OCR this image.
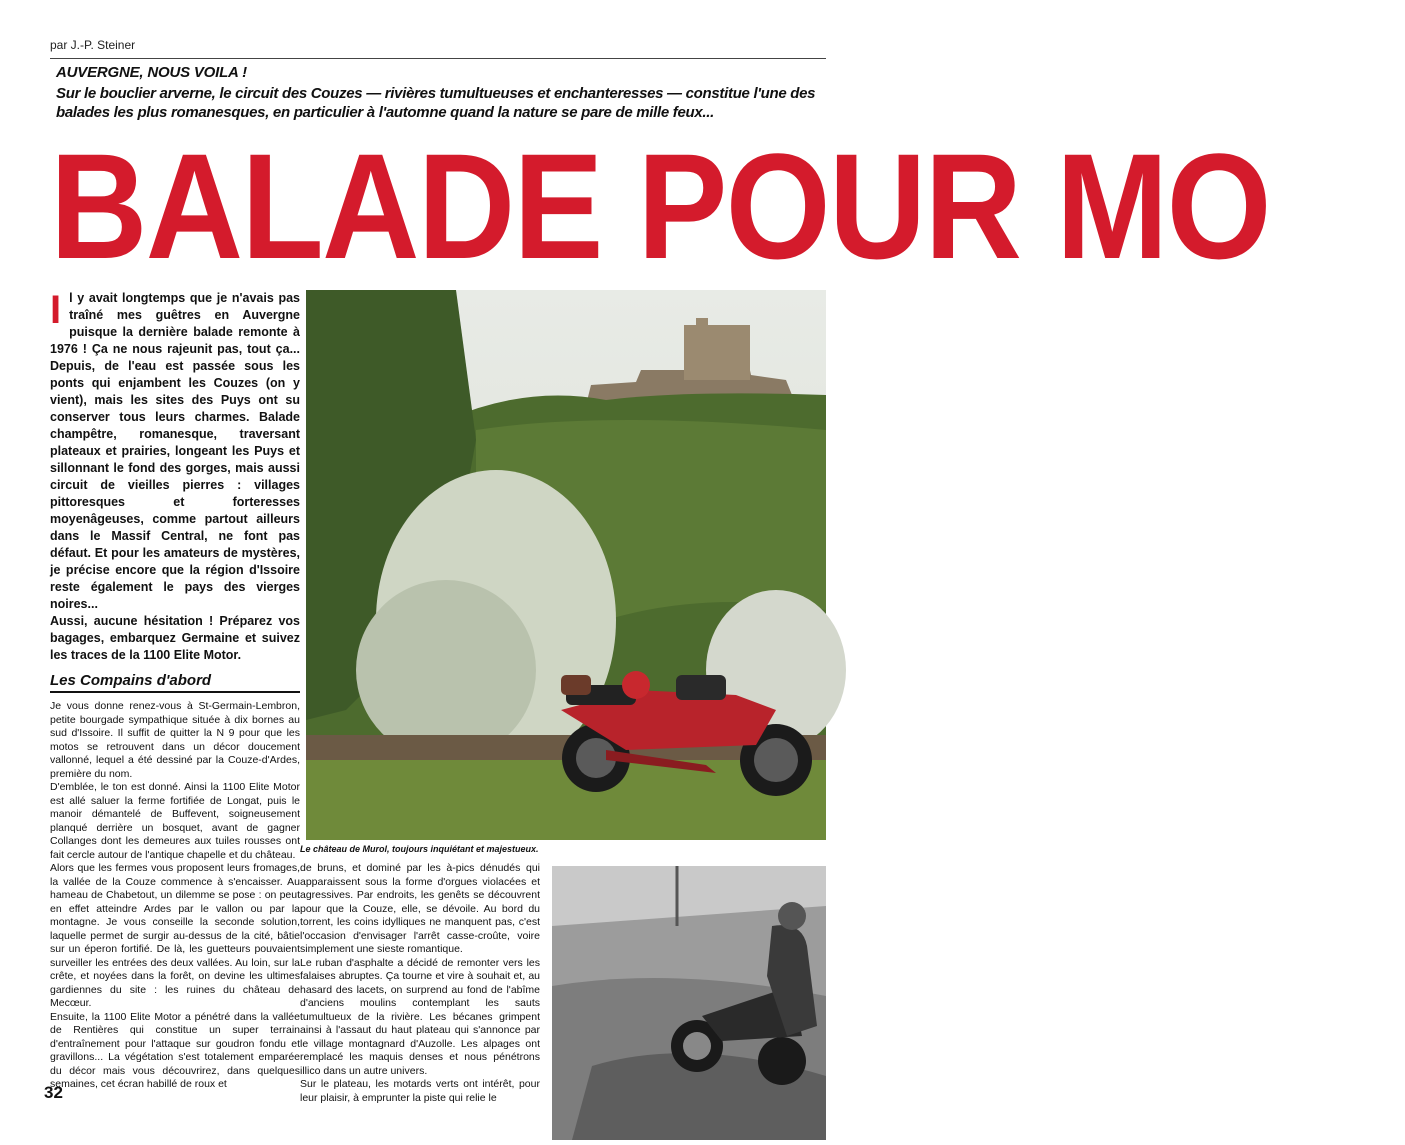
par J.-P. Steiner
AUVERGNE, NOUS VOILA !
Sur le bouclier arverne, le circuit des Couzes — rivières tumultueuses et enchanteresses — constitue l'une des balades les plus romanesques, en particulier à l'automne quand la nature se pare de mille feux...
BALADE POUR MO
I l y avait longtemps que je n'avais pas traîné mes guêtres en Auvergne puisque la dernière balade remonte à 1976 ! Ça ne nous rajeunit pas, tout ça... Depuis, de l'eau est passée sous les ponts qui enjambent les Couzes (on y vient), mais les sites des Puys ont su conserver tous leurs charmes. Balade champêtre, romanesque, traversant plateaux et prairies, longeant les Puys et sillonnant le fond des gorges, mais aussi circuit de vieilles pierres : villages pittoresques et forteresses moyenâgeuses, comme partout ailleurs dans le Massif Central, ne font pas défaut. Et pour les amateurs de mystères, je précise encore que la région d'Issoire reste également le pays des vierges noires...

Aussi, aucune hésitation ! Préparez vos bagages, embarquez Germaine et suivez les traces de la 1100 Elite Motor.

Le château de Murol, toujours inquiétant et majestueux.
Les Compains d'abord

Je vous donne renez-vous à St-Germain-Lembron, petite bourgade sympathique située à dix bornes au sud d'Issoire. Il suffit de quitter la N 9 pour que les motos se retrouvent dans un décor doucement vallonné, lequel a été dessiné par la Couze-d'Ardes, première du nom.

D'emblée, le ton est donné. Ainsi la 1100 Elite Motor est allé saluer la ferme fortifiée de Longat, puis le manoir démantelé de Buffevent, soigneusement planqué derrière un bosquet, avant de gagner Collanges dont les demeures aux tuiles rousses ont fait cercle autour de l'antique chapelle et du château.

Alors que les fermes vous proposent leurs fromages, la vallée de la Couze commence à s'encaisser. Au hameau de Chabetout, un dilemme se pose : on peut en effet atteindre Ardes par le vallon ou par la montagne. Je vous conseille la seconde solution, laquelle permet de surgir au-dessus de la cité, bâtie sur un éperon fortifié. De là, les guetteurs pouvaient surveiller les entrées des deux vallées. Au loin, sur la crête, et noyées dans la forêt, on devine les ultimes gardiennes du site : les ruines du château de Mecœur.

Ensuite, la 1100 Elite Motor a pénétré dans la vallée de Rentières qui constitue un super terrain d'entraînement pour l'attaque sur goudron fondu et gravillons... La végétation s'est totalement emparée du décor mais vous découvrirez, dans quelques semaines, cet écran habillé de roux et

de bruns, et dominé par les à-pics dénudés qui apparaissent sous la forme d'orgues violacées et agressives. Par endroits, les genêts se découvrent pour que la Couze, elle, se dévoile. Au bord du torrent, les coins idylliques ne manquent pas, c'est l'occasion d'envisager l'arrêt casse-croûte, voire simplement une sieste romantique.

Le ruban d'asphalte a décidé de remonter vers les falaises abruptes. Ça tourne et vire à souhait et, au hasard des lacets, on surprend au fond de l'abîme d'anciens moulins contemplant les sauts tumultueux de la rivière. Les bécanes grimpent ainsi à l'assaut du haut plateau qui s'annonce par le village montagnard d'Auzolle. Les alpages ont remplacé les maquis denses et nous pénétrons illico dans un autre univers.

Sur le plateau, les motards verts ont intérêt, pour leur plaisir, à emprunter la piste qui relie le

32
